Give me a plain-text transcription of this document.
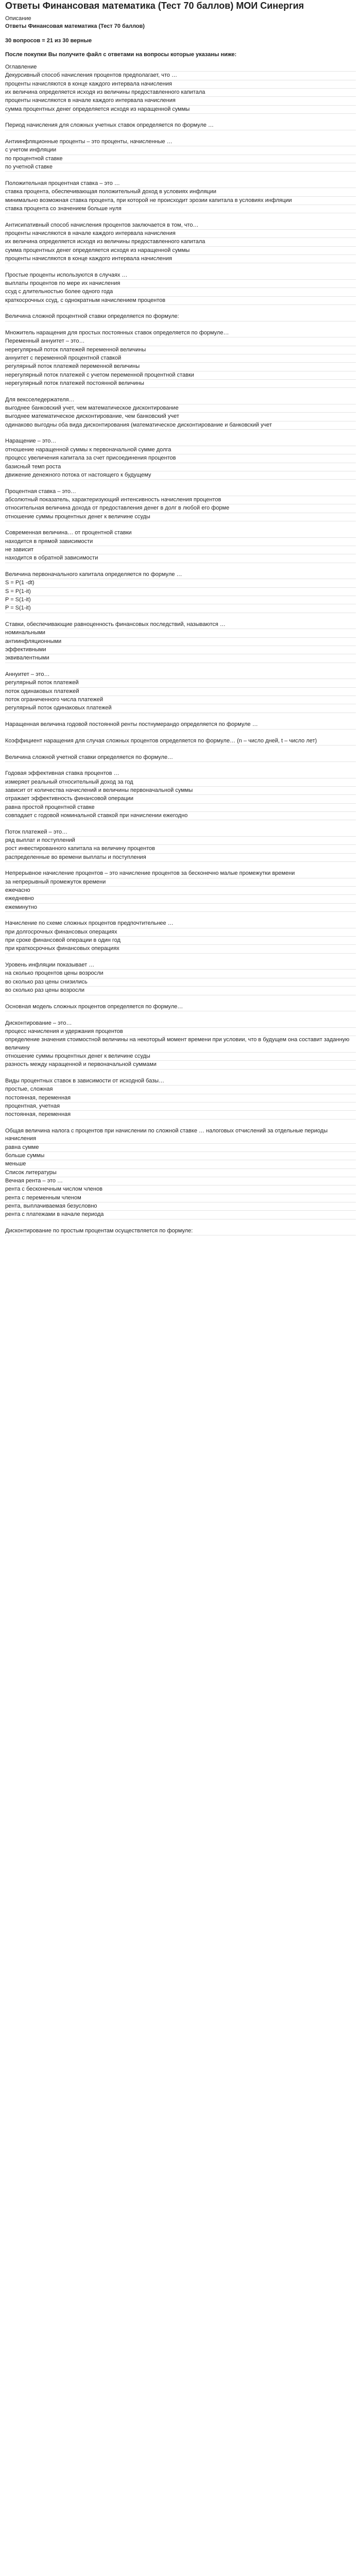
Ответы Финансовая математика (Тест 70 баллов) МОИ Синергия
Описание
Ответы Финансовая математика (Тест 70 баллов)
30 вопросов = 21 из 30 верные
После покупки Вы получите файл с ответами на вопросы которые указаны ниже:
Оглавление
Декурсивный способ начисления процентов предполагает, что …
проценты начисляются в конце каждого интервала начисления
их величина определяется исходя из величины предоставленного капитала
проценты начисляются в начале каждого интервала начисления
сумма процентных денег определяется исходя из наращенной суммы
Период начисления для сложных учетных ставок определяется по формуле …
Антиинфляционные проценты – это проценты, начисленные …
с учетом инфляции
по процентной ставке
по учетной ставке
Положительная процентная ставка – это …
ставка процента, обеспечивающая положительный доход в условиях инфляции
минимально возможная ставка процента, при которой не происходит эрозии капитала в условиях инфляции
ставка процента со значением больше нуля
Антисипативный способ начисления процентов заключается в том, что…
проценты начисляются в начале каждого интервала начисления
их величина определяется исходя из величины предоставленного капитала
сумма процентных денег определяется исходя из наращенной суммы
проценты начисляются в конце каждого интервала начисления
Простые проценты используются в случаях …
выплаты процентов по мере их начисления
ссуд с длительностью более одного года
краткосрочных ссуд, с однократным начислением процентов
Величина сложной процентной ставки определяется по формуле:
Множитель наращения для простых постоянных ставок определяется по формуле…
Переменный аннуитет – это…
нерегулярный поток платежей переменной величины
аннуитет с переменной процентной ставкой
регулярный поток платежей переменной величины
нерегулярный поток платежей с учетом переменной процентной ставки
нерегулярный поток платежей постоянной величины
Для вексселедержателя…
выгоднее банковский учет, чем математическое дисконтирование
выгоднее математическое дисконтирование, чем банковский учет
одинаково выгодны оба вида дисконтирования (математическое дисконтирование и банковский учет
Наращение – это…
отношение наращенной суммы к первоначальной сумме долга
процесс увеличения капитала за счет присоединения процентов
базисный темп роста
движение денежного потока от настоящего к будущему
Процентная ставка – это…
абсолютный показатель, характеризующий интенсивность начисления процентов
относительная величина дохода от предоставления денег в долг в любой его форме
отношение суммы процентных денег к величине ссуды
Современная величина… от процентной ставки
находится в прямой зависимости
не зависит
находится в обратной зависимости
Величина первоначального капитала определяется по формуле …
S = P(1 -dt)
S = P(1-it)
P = S(1-it)
P = S(1-it)
Ставки, обеспечивающие равноценность финансовых последствий, называются …
номинальными
антиинфляционными
эффективными
эквивалентными
Аннуитет – это…
регулярный поток платежей
поток одинаковых платежей
поток ограниченного числа платежей
регулярный поток одинаковых платежей
Наращенная величина годовой постоянной ренты постнумерандо определяется по формуле …
Коэффициент наращения для случая сложных процентов определяется по формуле… (n – число дней, t – число лет)
Величина сложной учетной ставки определяется по формуле…
Годовая эффективная ставка процентов …
измеряет реальный относительный доход за год
зависит от количества начислений и величины первоначальной суммы
отражает эффективность финансовой операции
равна простой процентной ставке
совпадает с годовой номинальной ставкой при начислении ежегодно
Поток платежей – это…
ряд выплат и поступлений
рост инвестированного капитала на величину процентов
распределенные во времени выплаты и поступления
Непрерывное начисление процентов – это начисление процентов за бесконечно малые промежутки времени
за непрерывный промежуток времени
ежечасно
ежедневно
ежеминутно
Начисление по схеме сложных процентов предпочтительнее …
при долгосрочных финансовых операциях
при сроке финансовой операции в один год
при краткосрочных финансовых операциях
Уровень инфляции показывает …
на сколько процентов цены возросли
во сколько раз цены снизились
во сколько раз цены возросли
Основная модель сложных процентов определяется по формуле…
Дисконтирование – это…
процесс начисления и удержания процентов
определение значения стоимостной величины на некоторый момент времени при условии, что в будущем она составит заданную величину
отношение суммы процентных денег к величине ссуды
разность между наращенной и первоначальной суммами
Виды процентных ставок в зависимости от исходной базы…
простые, сложная
постоянная, переменная
процентная, учетная
постоянная, переменная
Общая величина налога с процентов при начислении по сложной ставке … налоговых отчислений за отдельные периоды начисления
равна сумме
больше суммы
меньше
Список литературы
Вечная рента – это …
рента с бесконечным числом членов
рента с переменным членом
рента, выплачиваемая безусловно
рента с платежами в начале периода
Дисконтирование по простым процентам осуществляется по формуле:
